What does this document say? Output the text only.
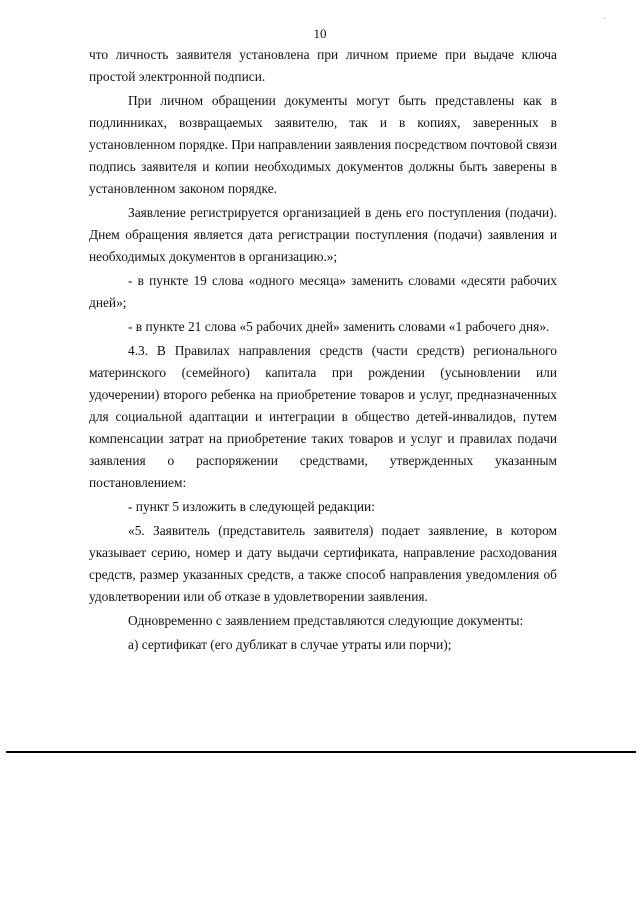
10
·

что личность заявителя установлена при личном приеме при выдаче ключа простой электронной подписи.

При личном обращении документы могут быть представлены как в подлинниках, возвращаемых заявителю, так и в копиях, заверенных в установленном порядке. При направлении заявления посредством почтовой связи подпись заявителя и копии необходимых документов должны быть заверены в установленном законом порядке.

Заявление регистрируется организацией в день его поступления (подачи). Днем обращения является дата регистрации поступления (подачи) заявления и необходимых документов в организацию.»;

- в пункте 19 слова «одного месяца» заменить словами «десяти рабочих дней»;

- в пункте 21 слова «5 рабочих дней» заменить словами «1 рабочего дня».

4.3. В Правилах направления средств (части средств) регионального материнского (семейного) капитала при рождении (усыновлении или удочерении) второго ребенка на приобретение товаров и услуг, предназначенных для социальной адаптации и интеграции в общество детей-инвалидов, путем компенсации затрат на приобретение таких товаров и услуг и правилах подачи заявления о распоряжении средствами, утвержденных указанным постановлением:

- пункт 5 изложить в следующей редакции:

«5. Заявитель (представитель заявителя) подает заявление, в котором указывает серию, номер и дату выдачи сертификата, направление расходования средств, размер указанных средств, а также способ направления уведомления об удовлетворении или об отказе в удовлетворении заявления.

Одновременно с заявлением представляются следующие документы:

а) сертификат (его дубликат в случае утраты или порчи);
